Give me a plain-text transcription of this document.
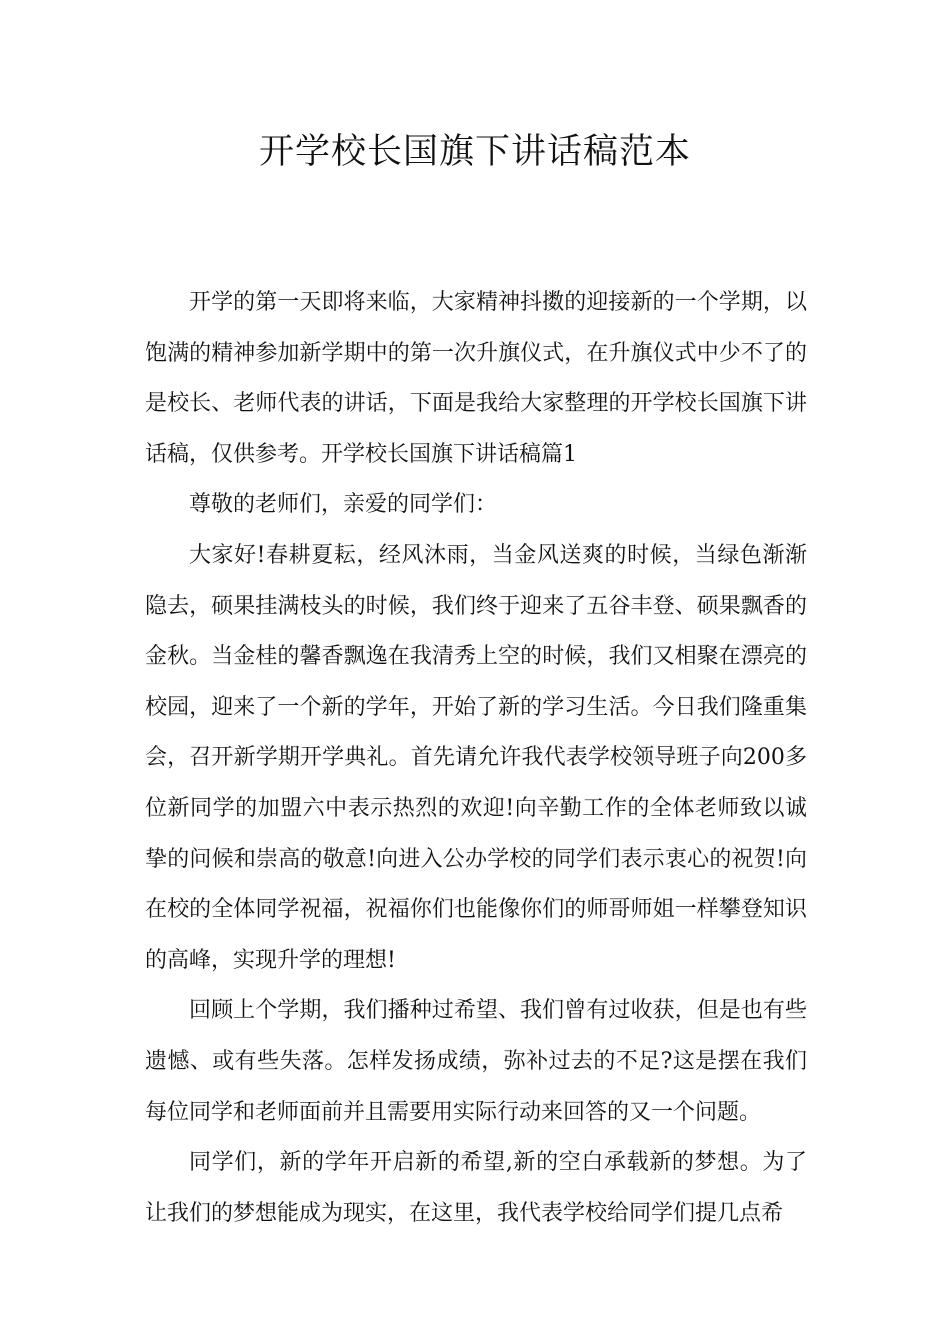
开学校长国旗下讲话稿范本

开学的第一天即将来临，大家精神抖擞的迎接新的一个学期，以饱满的精神参加新学期中的第一次升旗仪式，在升旗仪式中少不了的是校长、老师代表的讲话，下面是我给大家整理的开学校长国旗下讲话稿，仅供参考。开学校长国旗下讲话稿篇1

尊敬的老师们，亲爱的同学们：

大家好!春耕夏耘，经风沐雨，当金风送爽的时候，当绿色渐渐隐去，硕果挂满枝头的时候，我们终于迎来了五谷丰登、硕果飘香的金秋。当金桂的馨香飘逸在我清秀上空的时候，我们又相聚在漂亮的校园，迎来了一个新的学年，开始了新的学习生活。今日我们隆重集会，召开新学期开学典礼。首先请允许我代表学校领导班子向200多位新同学的加盟六中表示热烈的欢迎!向辛勤工作的全体老师致以诚挚的问候和崇高的敬意!向进入公办学校的同学们表示衷心的祝贺!向在校的全体同学祝福，祝福你们也能像你们的师哥师姐一样攀登知识的高峰，实现升学的理想!

回顾上个学期，我们播种过希望、我们曾有过收获，但是也有些遗憾、或有些失落。怎样发扬成绩，弥补过去的不足?这是摆在我们每位同学和老师面前并且需要用实际行动来回答的又一个问题。

同学们，新的学年开启新的希望,新的空白承载新的梦想。为了让我们的梦想能成为现实，在这里，我代表学校给同学们提几点希
